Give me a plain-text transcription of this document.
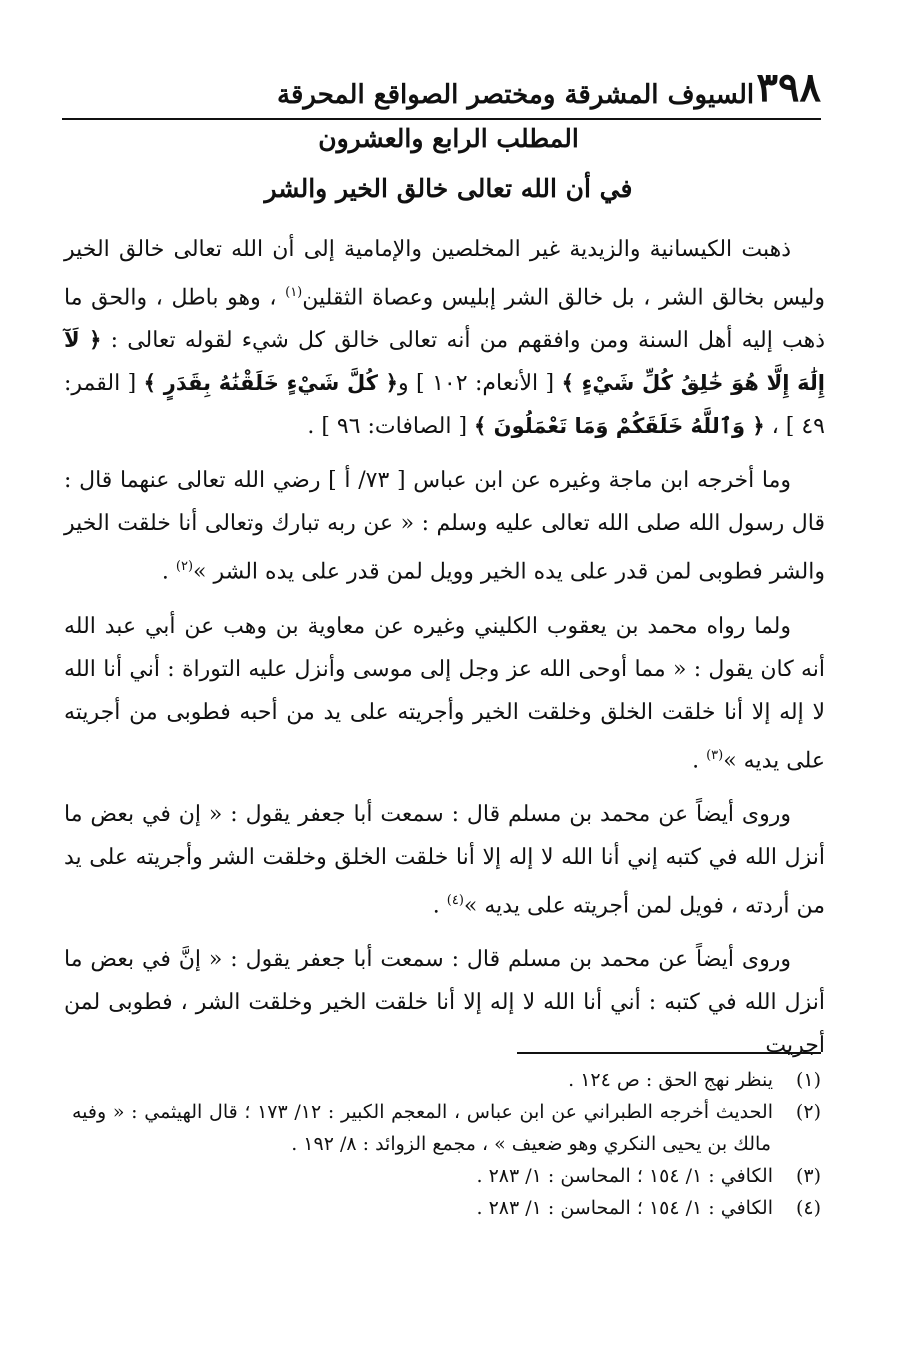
٣٩٨
السيوف المشرقة ومختصر الصواقع المحرقة
المطلب الرابع والعشرون
في أن الله تعالى خالق الخير والشر

ذهبت الكيسانية والزيدية غير المخلصين والإمامية إلى أن الله تعالى خالق الخير وليس بخالق الشر ، بل خالق الشر إبليس وعصاة الثقلين$^{(١)}$ ، وهو باطل ، والحق ما ذهب إليه أهل السنة ومن وافقهم من أنه تعالى خالق كل شيء لقوله تعالى : ﴿ لَآ إِلَٰهَ إِلَّا هُوَ خَٰلِقُ كُلِّ شَيْءٍ ﴾ [ الأنعام: ١٠٢ ] و﴿ كُلَّ شَيْءٍ خَلَقْنَٰهُ بِقَدَرٍ ﴾ [ القمر: ٤٩ ] ، ﴿ وَٱللَّهُ خَلَقَكُمْ وَمَا تَعْمَلُونَ ﴾ [ الصافات: ٩٦ ] .

وما أخرجه ابن ماجة وغيره عن ابن عباس [ ٧٣/ أ ] رضي الله تعالى عنهما قال : قال رسول الله صلى الله تعالى عليه وسلم : « عن ربه تبارك وتعالى أنا خلقت الخير والشر فطوبى لمن قدر على يده الخير وويل لمن قدر على يده الشر »$^{(٢)}$ .

ولما رواه محمد بن يعقوب الكليني وغيره عن معاوية بن وهب عن أبي عبد الله أنه كان يقول : « مما أوحى الله عز وجل إلى موسى وأنزل عليه التوراة : أني أنا الله لا إله إلا أنا خلقت الخلق وخلقت الخير وأجريته على يد من أحبه فطوبى من أجريته على يديه »$^{(٣)}$ .

وروى أيضاً عن محمد بن مسلم قال : سمعت أبا جعفر يقول : « إن في بعض ما أنزل الله في كتبه إني أنا الله لا إله إلا أنا خلقت الخلق وخلقت الشر وأجريته على يد من أردته ، فويل لمن أجريته على يديه »$^{(٤)}$ .

وروى أيضاً عن محمد بن مسلم قال : سمعت أبا جعفر يقول : « إنَّ في بعض ما أنزل الله في كتبه : أني أنا الله لا إله إلا أنا خلقت الخير وخلقت الشر ، فطوبى لمن أجريت

(١)ينظر نهج الحق : ص ١٢٤ .
(٢)الحديث أخرجه الطبراني عن ابن عباس ، المعجم الكبير : ١٢/ ١٧٣ ؛ قال الهيثمي : « وفيه مالك بن يحيى النكري وهو ضعيف » ، مجمع الزوائد : ٨/ ١٩٢ .
(٣)الكافي : ١/ ١٥٤ ؛ المحاسن : ١/ ٢٨٣ .
(٤)الكافي : ١/ ١٥٤ ؛ المحاسن : ١/ ٢٨٣ .
